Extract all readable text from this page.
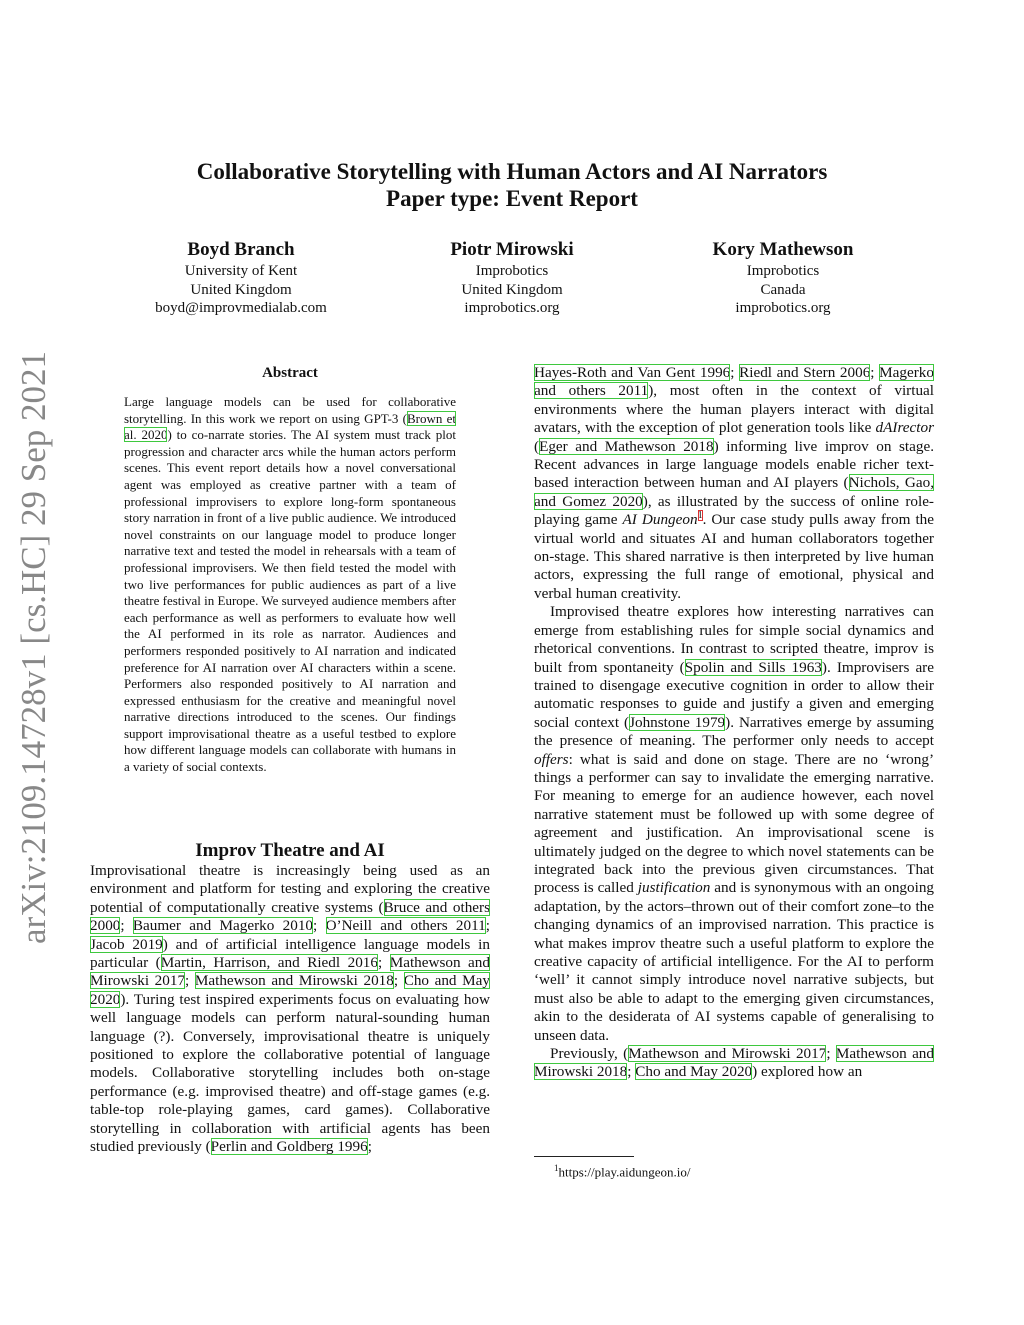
Collaborative Storytelling with Human Actors and AI Narrators
Paper type: Event Report
Boyd Branch
University of Kent
United Kingdom
boyd@improvmedialab.com
Piotr Mirowski
Improbotics
United Kingdom
improbotics.org
Kory Mathewson
Improbotics
Canada
improbotics.org
arXiv:2109.14728v1 [cs.HC] 29 Sep 2021	Abstract

Large language models can be used for collaborative storytelling. In this work we report on using GPT-3 (Brown et al. 2020) to co-narrate stories. The AI system must track plot progression and character arcs while the human actors perform scenes. This event report details how a novel conversational agent was employed as creative partner with a team of professional improvisers to explore long-form spontaneous story narration in front of a live public audience. We introduced novel constraints on our language model to produce longer narrative text and tested the model in rehearsals with a team of professional improvisers. We then field tested the model with two live performances for public audiences as part of a live theatre festival in Europe. We surveyed audience members after each performance as well as performers to evaluate how well the AI performed in its role as narrator. Audiences and performers responded positively to AI narration and indicated preference for AI narration over AI characters within a scene. Performers also responded positively to AI narration and expressed enthusiasm for the creative and meaningful novel narrative directions introduced to the scenes. Our findings support improvisational theatre as a useful testbed to explore how different language models can collaborate with humans in a variety of social contexts.

Improv Theatre and AI

Improvisational theatre is increasingly being used as an environment and platform for testing and exploring the creative potential of computationally creative systems (Bruce and others 2000; Baumer and Magerko 2010; O’Neill and others 2011; Jacob 2019) and of artificial intelligence language models in particular (Martin, Harrison, and Riedl 2016; Mathewson and Mirowski 2017; Mathewson and Mirowski 2018; Cho and May 2020). Turing test inspired experiments focus on evaluating how well language models can perform natural-sounding human language (?). Conversely, improvisational theatre is uniquely positioned to explore the collaborative potential of language models. Collaborative storytelling includes both on-stage performance (e.g. improvised theatre) and off-stage games (e.g. table-top role-playing games, card games). Collaborative storytelling in collaboration with artificial agents has been studied previously (Perlin and Goldberg 1996;

Hayes-Roth and Van Gent 1996; Riedl and Stern 2006; Magerko and others 2011), most often in the context of virtual environments where the human players interact with digital avatars, with the exception of plot generation tools like dAIrector (Eger and Mathewson 2018) informing live improv on stage. Recent advances in large language models enable richer text-based interaction between human and AI players (Nichols, Gao, and Gomez 2020), as illustrated by the success of online role-playing game AI Dungeon$^1$. Our case study pulls away from the virtual world and situates AI and human collaborators together on-stage. This shared narrative is then interpreted by live human actors, expressing the full range of emotional, physical and verbal human creativity.

Improvised theatre explores how interesting narratives can emerge from establishing rules for simple social dynamics and rhetorical conventions. In contrast to scripted theatre, improv is built from spontaneity (Spolin and Sills 1963). Improvisers are trained to disengage executive cognition in order to allow their automatic responses to guide and justify a given and emerging social context (Johnstone 1979). Narratives emerge by assuming the presence of meaning. The performer only needs to accept offers: what is said and done on stage. There are no ‘wrong’ things a performer can say to invalidate the emerging narrative. For meaning to emerge for an audience however, each novel narrative statement must be followed up with some degree of agreement and justification. An improvisational scene is ultimately judged on the degree to which novel statements can be integrated back into the previous given circumstances. That process is called justification and is synonymous with an ongoing adaptation, by the actors–thrown out of their comfort zone–to the changing dynamics of an improvised narration. This practice is what makes improv theatre such a useful platform to explore the creative capacity of artificial intelligence. For the AI to perform ‘well’ it cannot simply introduce novel narrative subjects, but must also be able to adapt to the emerging given circumstances, akin to the desiderata of AI systems capable of generalising to unseen data.

Previously, (Mathewson and Mirowski 2017; Mathewson and Mirowski 2018; Cho and May 2020) explored how an

$^1$https://play.aidungeon.io/
